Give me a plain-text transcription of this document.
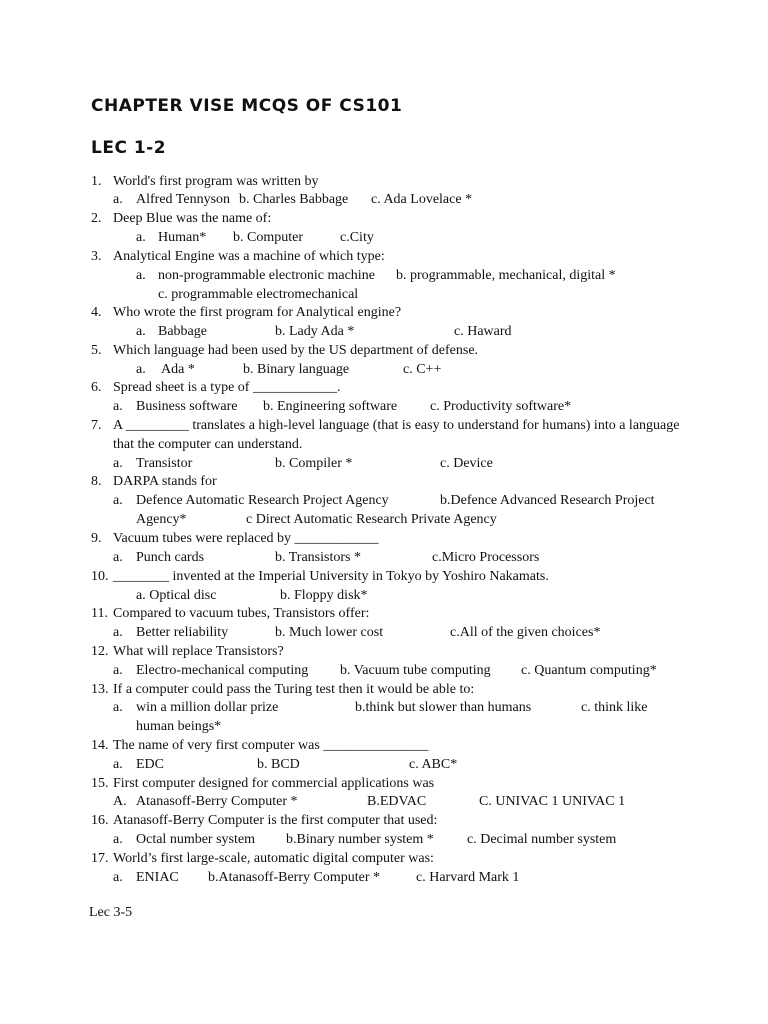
CHAPTER VISE MCQS OF CS101
LEC 1-2
1. World's first program was written by
a. Alfred Tennyson b. Charles Babbage c. Ada Lovelace *
2. Deep Blue was the name of:
a. Human* b. Computer	c.City
3. Analytical Engine was a machine of which type:
a. non-programmable electronic machine b. programmable, mechanical, digital *
c. programmable electromechanical
4. Who wrote the first program for Analytical engine?
a. Babbage	b. Lady Ada *	c. Haward
5. Which language had been used by the US department of defense.
a. Ada *	b. Binary language	c. C++
6. Spread sheet is a type of ____________.
a. Business software b. Engineering software c. Productivity software*
7. A _________ translates a high-level language (that is easy to understand for humans) into a language
that the computer can understand.
a. Transistor	b. Compiler *	c. Device
8. DARPA stands for
a. Defence Automatic Research Project Agency	b.Defence Advanced Research Project
Agency*	c Direct Automatic Research Private Agency
9. Vacuum tubes were replaced by ____________
a. Punch cards	b. Transistors *	c.Micro Processors
10. ________ invented at the Imperial University in Tokyo by Yoshiro Nakamats.
a. Optical disc	b. Floppy disk*
11. Compared to vacuum tubes, Transistors offer:
a. Better reliability	b. Much lower cost	c.All of the given choices*
12. What will replace Transistors?
a. Electro-mechanical computing b. Vacuum tube computing c. Quantum computing*
13. If a computer could pass the Turing test then it would be able to:
a. win a million dollar prize	b.think but slower than humans	c. think like
human beings*
14. The name of very first computer was _______________
a. EDC	b. BCD	c. ABC*
15. First computer designed for commercial applications was
A. Atanasoff-Berry Computer *	B.EDVAC	C. UNIVAC 1 UNIVAC 1
16. Atanasoff-Berry Computer is the first computer that used:
a. Octal number system b.Binary number system * c. Decimal number system
17. World’s first large-scale, automatic digital computer was:
a. ENIAC b.Atanasoff-Berry Computer *	c. Harvard Mark 1
Lec 3-5
